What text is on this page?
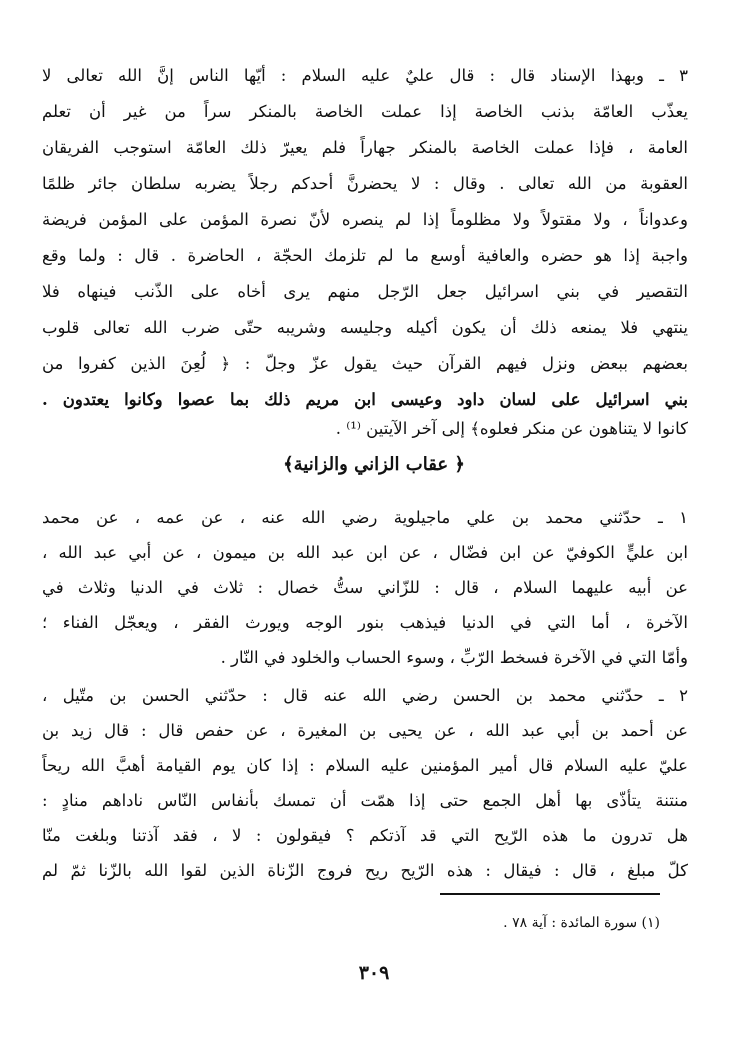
٣ ـ وبهذا الإسناد قال : قال عليٌ عليه السلام : أيّها الناس إنَّ الله تعالى لا
يعذّب العامّة بذنب الخاصة إذا عملت الخاصة بالمنكر سراً من غير أن تعلم
العامة ، فإذا عملت الخاصة بالمنكر جهاراً فلم يعيرّ ذلك العامّة استوجب الفريقان
العقوبة من الله تعالى . وقال : لا يحضرنَّ أحدكم رجلاً يضربه سلطان جائر ظلمًا
وعدواناً ، ولا مقتولاً ولا مظلوماً إذا لم ينصره لأنّ نصرة المؤمن على المؤمن فريضة
واجبة إذا هو حضره والعافية أوسع ما لم تلزمك الحجّة ، الحاضرة . قال : ولما وقع
التقصير في بني اسرائيل جعل الرّجل منهم يرى أخاه على الذّنب فينهاه فلا
ينتهي فلا يمنعه ذلك أن يكون أكيله وجليسه وشريبه حتّى ضرب الله تعالى قلوب
بعضهم ببعض ونزل فيهم القرآن حيث يقول عزّ وجلّ : ﴿ لُعِنَ الذين كفروا من
بني اسرائيل على لسان داود وعيسى ابن مريم ذلك بما عصوا وكانوا يعتدون .
كانوا لا يتناهون عن منكر فعلوه﴾ إلى آخر الآيتين ⁽¹⁾ .
﴿ عقاب الزاني والزانية﴾
١ ـ حدّثني محمد بن علي ماجيلوية رضي الله عنه ، عن عمه ، عن محمد
ابن عليٍّ الكوفيّ عن ابن فضّال ، عن ابن عبد الله بن ميمون ، عن أبي عبد الله ،
عن أبيه عليهما السلام ، قال : للزّاني ستُّ خصال : ثلاث في الدنيا وثلاث في
الآخرة ، أما التي في الدنيا فيذهب بنور الوجه ويورث الفقر ، ويعجّل الفناء ؛
وأمّا التي في الآخرة فسخط الرّبِّ ، وسوء الحساب والخلود في النّار .
٢ ـ حدّثني محمد بن الحسن رضي الله عنه قال : حدّثني الحسن بن متّيل ،
عن أحمد بن أبي عبد الله ، عن يحيى بن المغيرة ، عن حفص قال : قال زيد بن
عليّ عليه السلام قال أمير المؤمنين عليه السلام : إذا كان يوم القيامة أهبَّ الله ريحاً
منتنة يتأذّى بها أهل الجمع حتى إذا همّت أن تمسك بأنفاس النّاس ناداهم منادٍ :
هل تدرون ما هذه الرّيح التي قد آذتكم ؟ فيقولون : لا ، فقد آذتنا وبلغت منّا
كلّ مبلغ ، قال : فيقال : هذه الرّيح ريح فروج الزّناة الذين لقوا الله بالزّنا ثمّ لم
(١) سورة المائدة : آية ٧٨ .
٣٠٩
